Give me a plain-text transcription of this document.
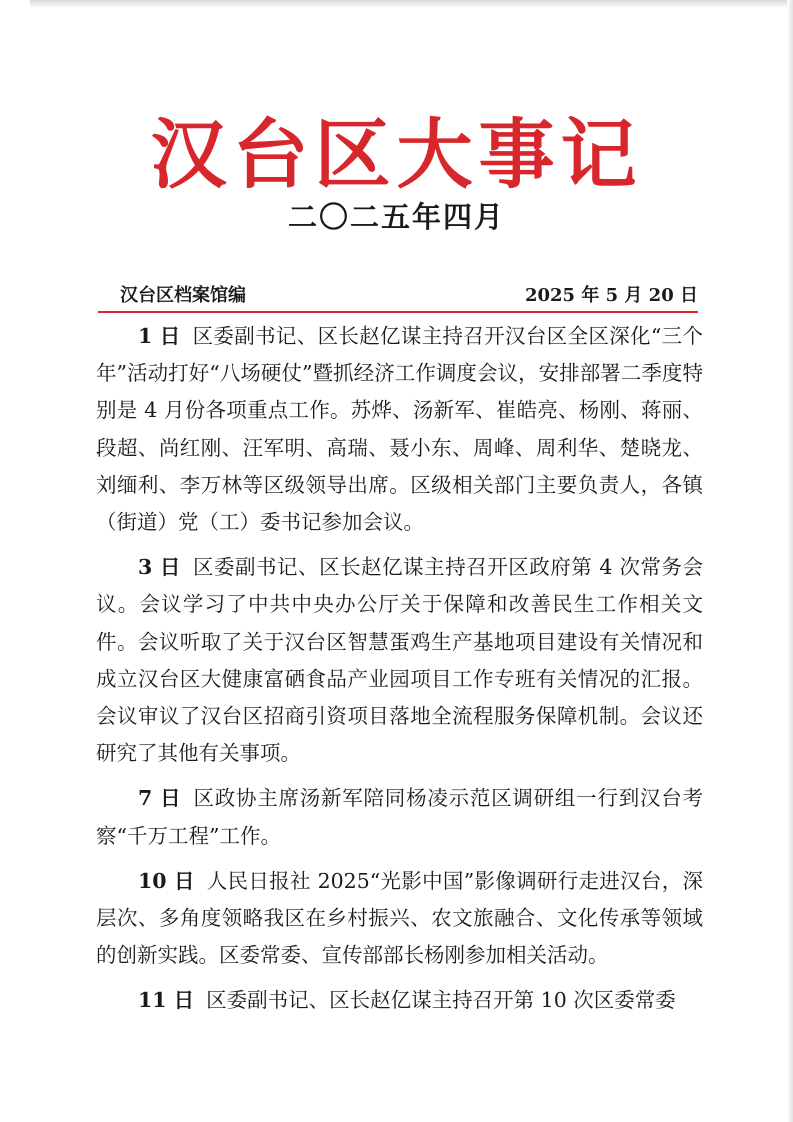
汉台区大事记
二〇二五年四月
汉台区档案馆编	2025 年 5 月 20 日

1 日 区委副书记、区长赵亿谋主持召开汉台区全区深化“三个年”活动打好“八场硬仗”暨抓经济工作调度会议，安排部署二季度特别是 4 月份各项重点工作。苏烨、汤新军、崔皓亮、杨刚、蒋丽、段超、尚红刚、汪军明、高瑞、聂小东、周峰、周利华、楚晓龙、刘缅利、李万林等区级领导出席。区级相关部门主要负责人，各镇（街道）党（工）委书记参加会议。

3 日 区委副书记、区长赵亿谋主持召开区政府第 4 次常务会议。会议学习了中共中央办公厅关于保障和改善民生工作相关文件。会议听取了关于汉台区智慧蛋鸡生产基地项目建设有关情况和成立汉台区大健康富硒食品产业园项目工作专班有关情况的汇报。会议审议了汉台区招商引资项目落地全流程服务保障机制。会议还研究了其他有关事项。

7 日 区政协主席汤新军陪同杨凌示范区调研组一行到汉台考察“千万工程”工作。

10 日 人民日报社 2025“光影中国”影像调研行走进汉台，深层次、多角度领略我区在乡村振兴、农文旅融合、文化传承等领域的创新实践。区委常委、宣传部部长杨刚参加相关活动。

11 日 区委副书记、区长赵亿谋主持召开第 10 次区委常委
